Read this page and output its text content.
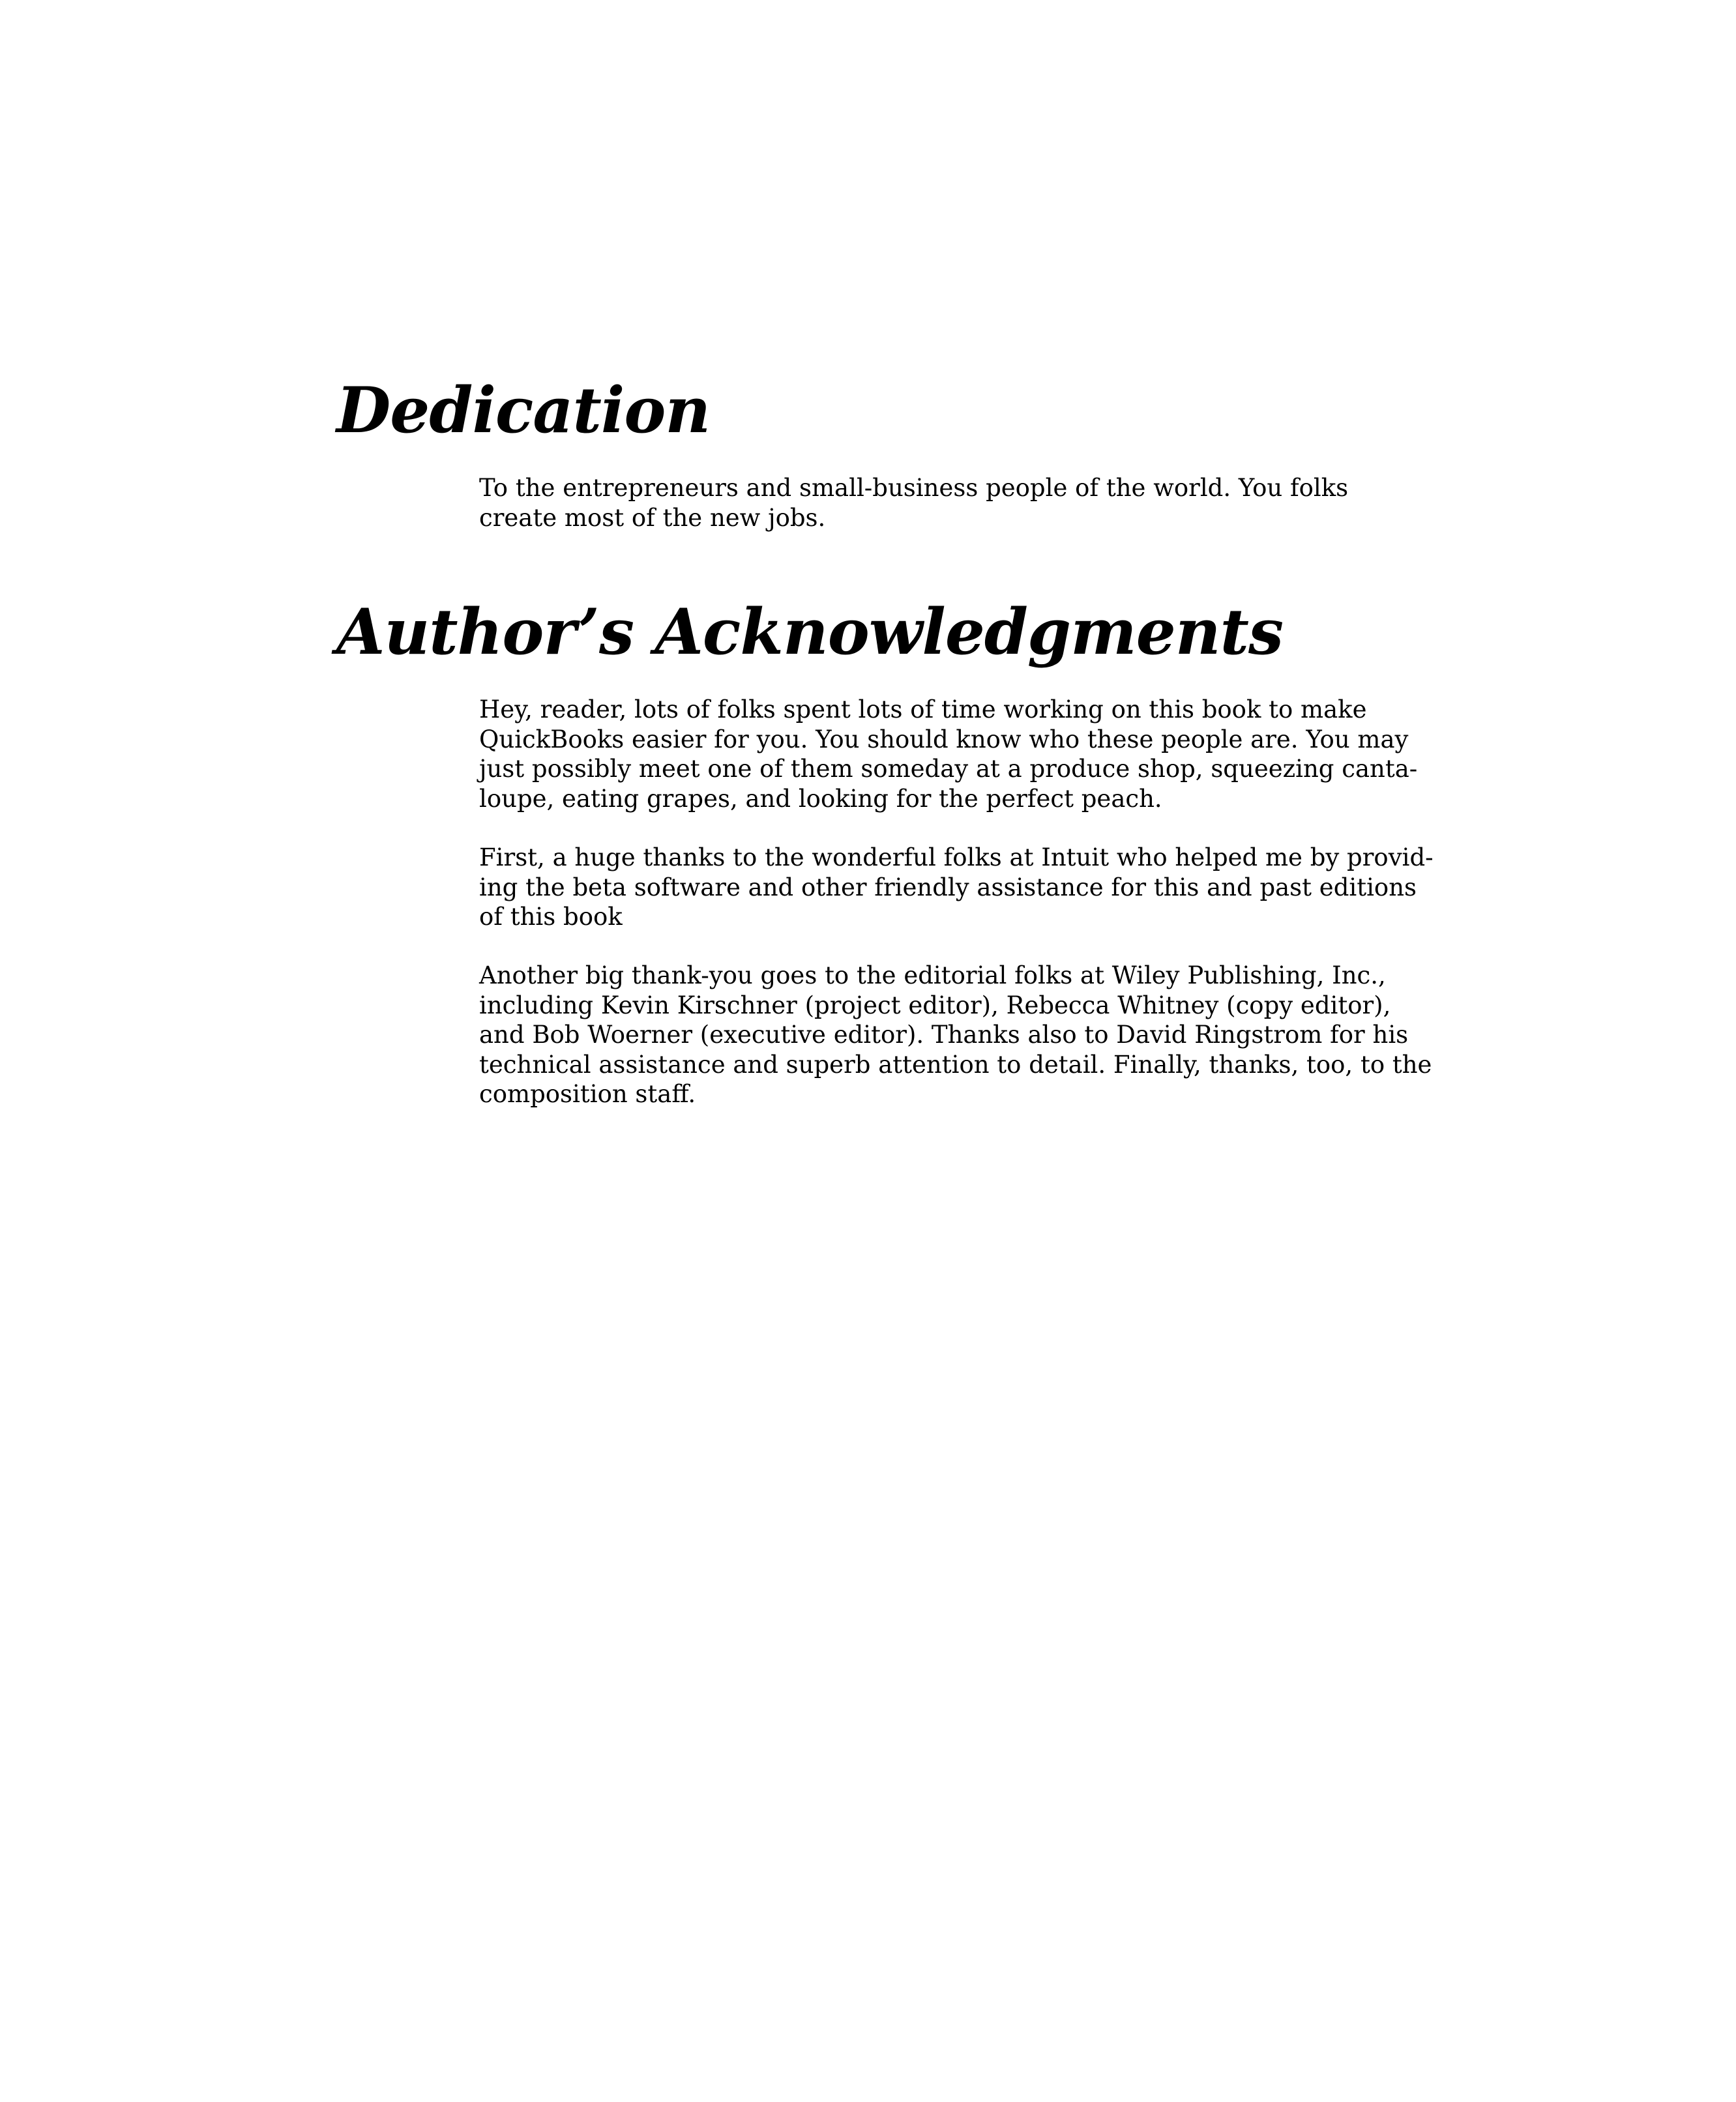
Dedication
To the entrepreneurs and small-business people of the world. You folks
create most of the new jobs.
Author’s Acknowledgments
Hey, reader, lots of folks spent lots of time working on this book to make
QuickBooks easier for you. You should know who these people are. You may
just possibly meet one of them someday at a produce shop, squeezing canta-
loupe, eating grapes, and looking for the perfect peach.
First, a huge thanks to the wonderful folks at Intuit who helped me by provid-
ing the beta software and other friendly assistance for this and past editions
of this book
Another big thank-you goes to the editorial folks at Wiley Publishing, Inc.,
including Kevin Kirschner (project editor), Rebecca Whitney (copy editor),
and Bob Woerner (executive editor). Thanks also to David Ringstrom for his
technical assistance and superb attention to detail. Finally, thanks, too, to the
composition staff.
